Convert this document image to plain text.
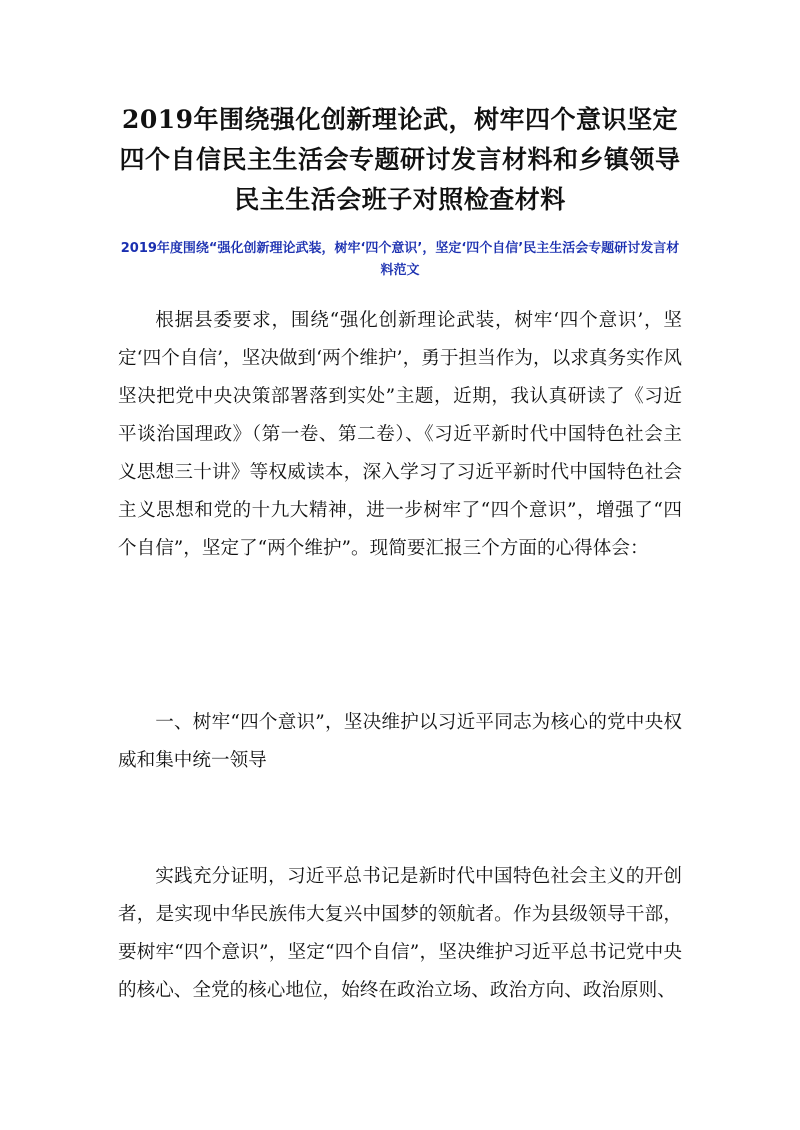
2019年围绕强化创新理论武，树牢四个意识坚定四个自信民主生活会专题研讨发言材料和乡镇领导民主生活会班子对照检查材料

2019年度围绕“强化创新理论武装，树牢‘四个意识’，坚定‘四个自信’民主生活会专题研讨发言材料范文

根据县委要求，围绕“强化创新理论武装，树牢‘四个意识’，坚定‘四个自信’，坚决做到‘两个维护’，勇于担当作为，以求真务实作风坚决把党中央决策部署落到实处”主题，近期，我认真研读了《习近平谈治国理政》（第一卷、第二卷）、《习近平新时代中国特色社会主义思想三十讲》等权威读本，深入学习了习近平新时代中国特色社会主义思想和党的十九大精神，进一步树牢了“四个意识”，增强了“四个自信”，坚定了“两个维护”。现简要汇报三个方面的心得体会：

一、树牢“四个意识”，坚决维护以习近平同志为核心的党中央权威和集中统一领导

实践充分证明，习近平总书记是新时代中国特色社会主义的开创者，是实现中华民族伟大复兴中国梦的领航者。作为县级领导干部，要树牢“四个意识”，坚定“四个自信”，坚决维护习近平总书记党中央的核心、全党的核心地位，始终在政治立场、政治方向、政治原则、
